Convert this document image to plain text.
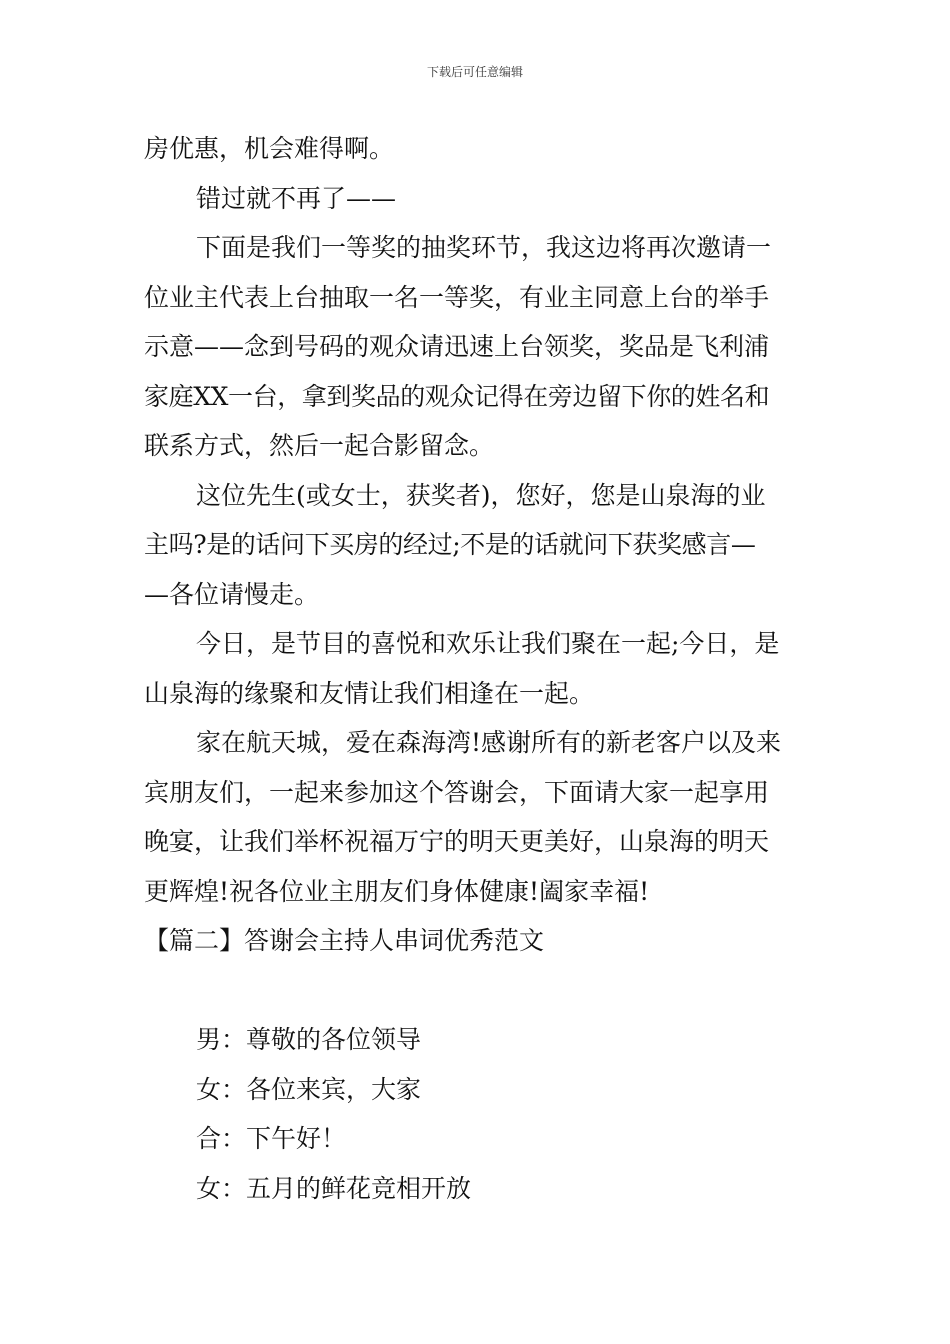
下载后可任意编辑
房优惠，机会难得啊。
错过就不再了——
下面是我们一等奖的抽奖环节，我这边将再次邀请一
位业主代表上台抽取一名一等奖，有业主同意上台的举手
示意——念到号码的观众请迅速上台领奖，奖品是飞利浦
家庭XX一台，拿到奖品的观众记得在旁边留下你的姓名和
联系方式，然后一起合影留念。
这位先生(或女士，获奖者)，您好，您是山泉海的业
主吗?是的话问下买房的经过;不是的话就问下获奖感言—
—各位请慢走。
今日，是节目的喜悦和欢乐让我们聚在一起;今日，是
山泉海的缘聚和友情让我们相逢在一起。
家在航天城，爱在森海湾!感谢所有的新老客户以及来
宾朋友们，一起来参加这个答谢会，下面请大家一起享用
晚宴，让我们举杯祝福万宁的明天更美好，山泉海的明天
更辉煌!祝各位业主朋友们身体健康!阖家幸福!
【篇二】答谢会主持人串词优秀范文
男：尊敬的各位领导
女：各位来宾，大家
合：下午好！
女：五月的鲜花竞相开放
